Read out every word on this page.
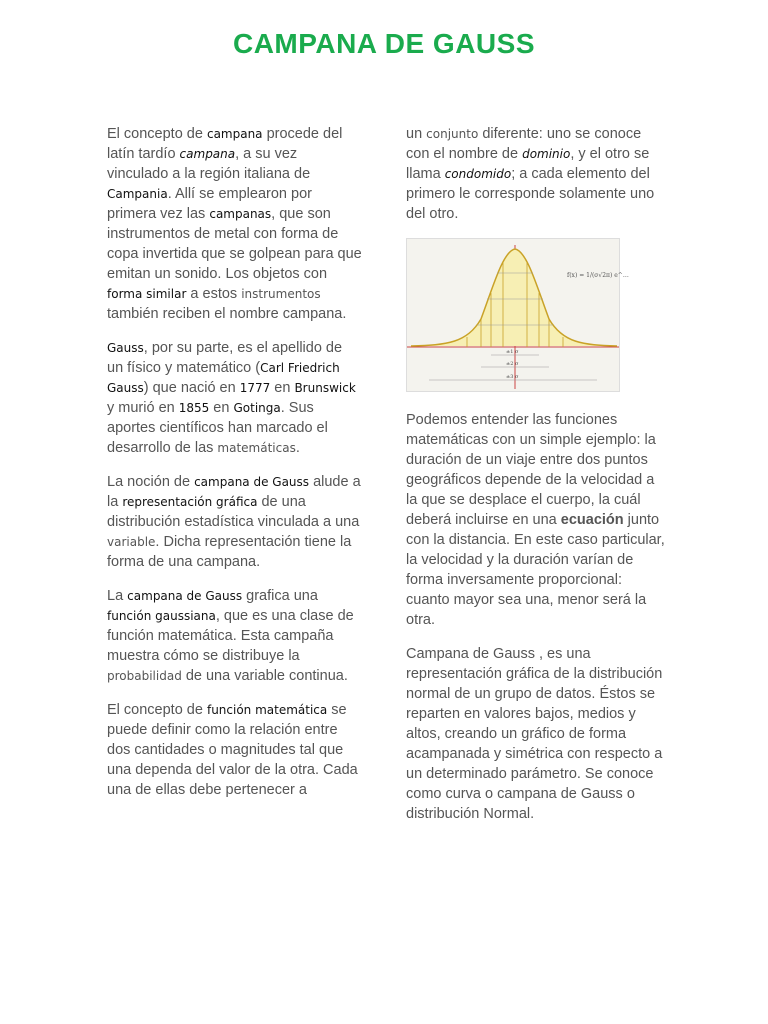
CAMPANA DE GAUSS

El concepto de campana procede del latín tardío campana, a su vez vinculado a la región italiana de Campania. Allí se emplearon por primera vez las campanas, que son instrumentos de metal con forma de copa invertida que se golpean para que emitan un sonido. Los objetos con forma similar a estos instrumentos también reciben el nombre campana.

Gauss, por su parte, es el apellido de un físico y matemático (Carl Friedrich Gauss) que nació en 1777 en Brunswick y murió en 1855 en Gotinga. Sus aportes científicos han marcado el desarrollo de las matemáticas.

La noción de campana de Gauss alude a la representación gráfica de una distribución estadística vinculada a una variable. Dicha representación tiene la forma de una campana.

La campana de Gauss grafica una función gaussiana, que es una clase de función matemática. Esta campaña muestra cómo se distribuye la probabilidad de una variable continua.

El concepto de función matemática se puede definir como la relación entre dos cantidades o magnitudes tal que una dependa del valor de la otra. Cada una de ellas debe pertenecer a

un conjunto diferente: uno se conoce con el nombre de dominio, y el otro se llama condomido; a cada elemento del primero le corresponde solamente uno del otro.

f(x) = 1/(σ√2π) e^…
±1 σ
±2 σ
±3 σ

Podemos entender las funciones matemáticas con un simple ejemplo: la duración de un viaje entre dos puntos geográficos depende de la velocidad a la que se desplace el cuerpo, la cuál deberá incluirse en una ecuación junto con la distancia. En este caso particular, la velocidad y la duración varían de forma inversamente proporcional: cuanto mayor sea una, menor será la otra.

Campana de Gauss , es una representación gráfica de la distribución normal de un grupo de datos. Éstos se reparten en valores bajos, medios y altos, creando un gráfico de forma acampanada y simétrica con respecto a un determinado parámetro. Se conoce como curva o campana de Gauss o distribución Normal.
